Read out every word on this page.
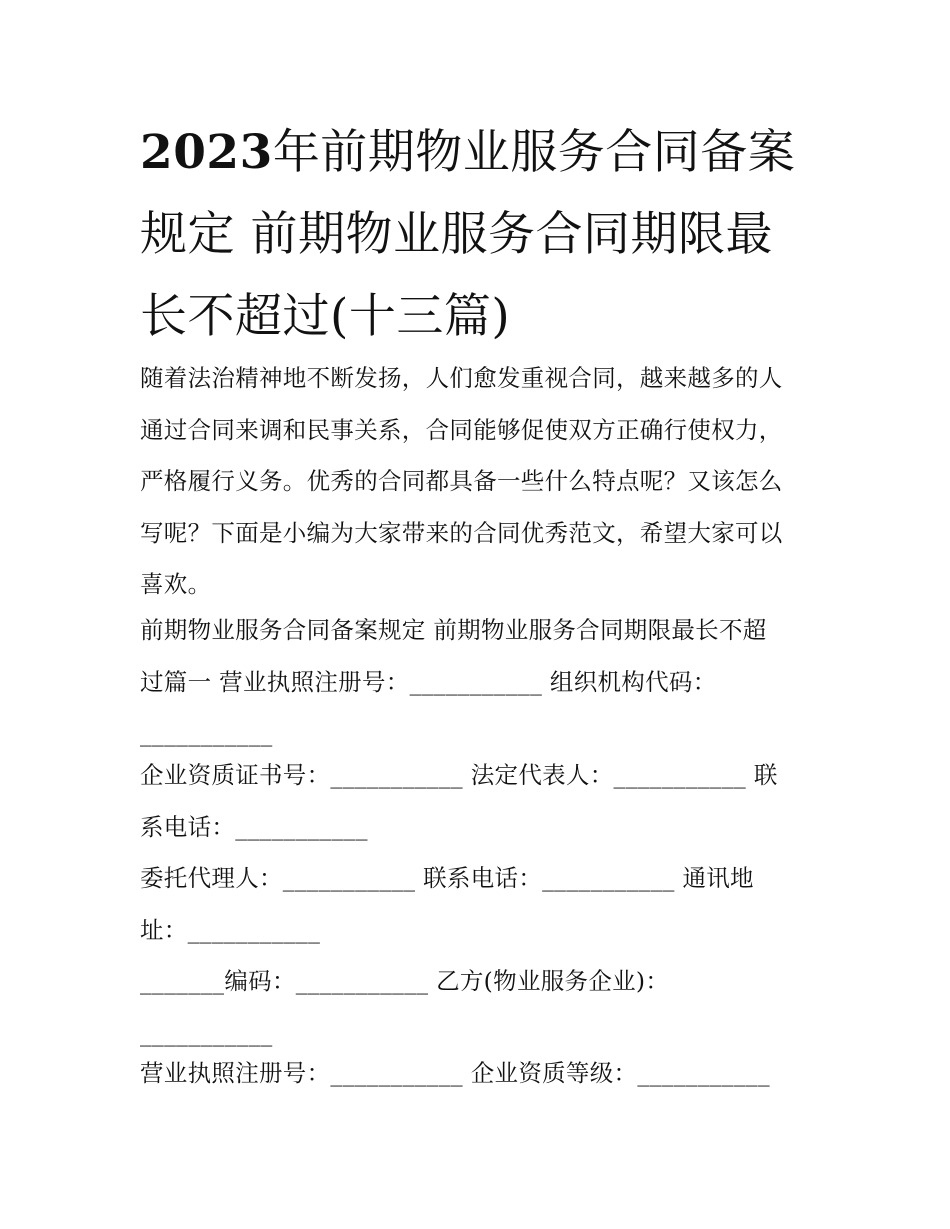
2023年前期物业服务合同备案
规定 前期物业服务合同期限最
长不超过(十三篇)

随着法治精神地不断发扬，人们愈发重视合同，越来越多的人
通过合同来调和民事关系，合同能够促使双方正确行使权力，
严格履行义务。优秀的合同都具备一些什么特点呢？又该怎么
写呢？下面是小编为大家带来的合同优秀范文，希望大家可以
喜欢。

前期物业服务合同备案规定 前期物业服务合同期限最长不超
过篇一 营业执照注册号：___________ 组织机构代码：
___________

企业资质证书号：___________ 法定代表人：___________ 联
系电话：___________

委托代理人：___________ 联系电话：___________ 通讯地
址：___________

_______编码：___________ 乙方(物业服务企业)：
___________

营业执照注册号：___________ 企业资质等级：___________
